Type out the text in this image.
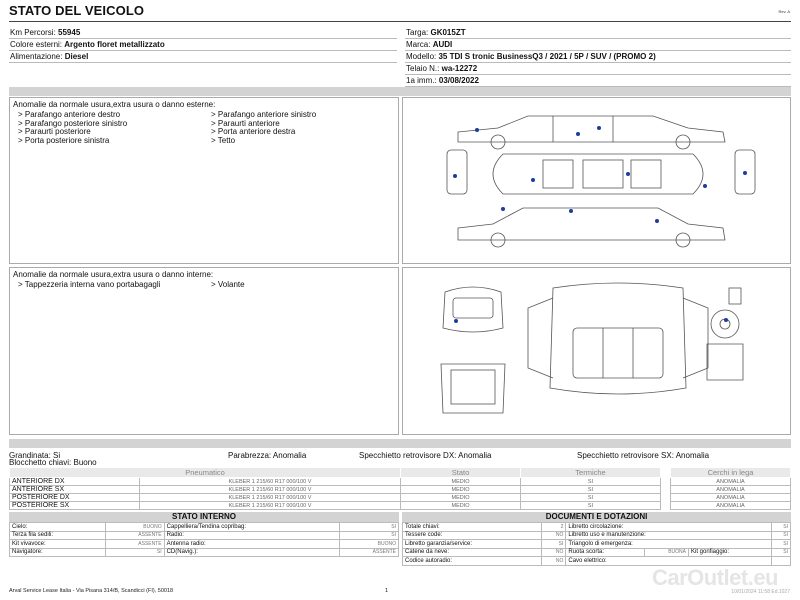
STATO DEL VEICOLO	Rev. A
Km Percorsi: 55945
Colore esterni: Argento floret metallizzato
Alimentazione: Diesel
Targa: GK015ZT
Marca: AUDI
Modello: 35 TDI S tronic BusinessQ3 / 2021 / 5P / SUV / (PROMO 2)
Telaio N.: wa-12272
1a imm.: 03/08/2022
Anomalie da normale usura,extra usura o danno esterne:
> Parafango anteriore destro
> Parafango posteriore sinistro
> Paraurti posteriore
> Porta posteriore sinistra
> Parafango anteriore sinistro
> Paraurti anteriore
> Porta anteriore destra
> Tetto
Anomalie da normale usura,extra usura o danno interne:
> Tappezzeria interna vano portabagagli	> Volante
Grandinata: Si	Parabrezza: Anomalia	Specchietto retrovisore DX: Anomalia	Specchietto retrovisore SX: Anomalia
Blocchetto chiavi: Buono
Pneumatico		Stato	Termiche		Cerchi in lega
ANTERIORE DX	KLEBER 1 215/60 R17 000/100 V	MEDIO	SI		ANOMALIA
ANTERIORE SX	KLEBER 1 215/60 R17 000/100 V	MEDIO	SI		ANOMALIA
POSTERIORE DX	KLEBER 1 215/60 R17 000/100 V	MEDIO	SI		ANOMALIA
POSTERIORE SX	KLEBER 1 215/60 R17 000/100 V	MEDIO	SI		ANOMALIA
STATO INTERNO
Cielo:	BUONO	Cappelliera/Tendina copribag:	SI
Terza fila sedili:	ASSENTE	Radio:	SI
Kit vivavoce:	ASSENTE	Antenna radio:	BUONO
Navigatore:	SI	CD(Navig.):	ASSENTE
DOCUMENTI E DOTAZIONI
Totale chiavi:	2	Libretto circolazione:			SI
Tessere code:	NO	Libretto uso e manutenzione:			SI
Libretto garanzia/service:	SI	Triangolo di emergenza:			SI
Catene da neve:	NO	Ruota scorta:	BUONA	Kit gonfiaggio:	SI
Codice autoradio:	NO	Cavo elettrico:			
Arval Service Lease Italia - Via Pisana 314/B, Scandicci (FI), 50018	1
CarOutlet.eu
10/01/2024 11:58 Ed.1027
